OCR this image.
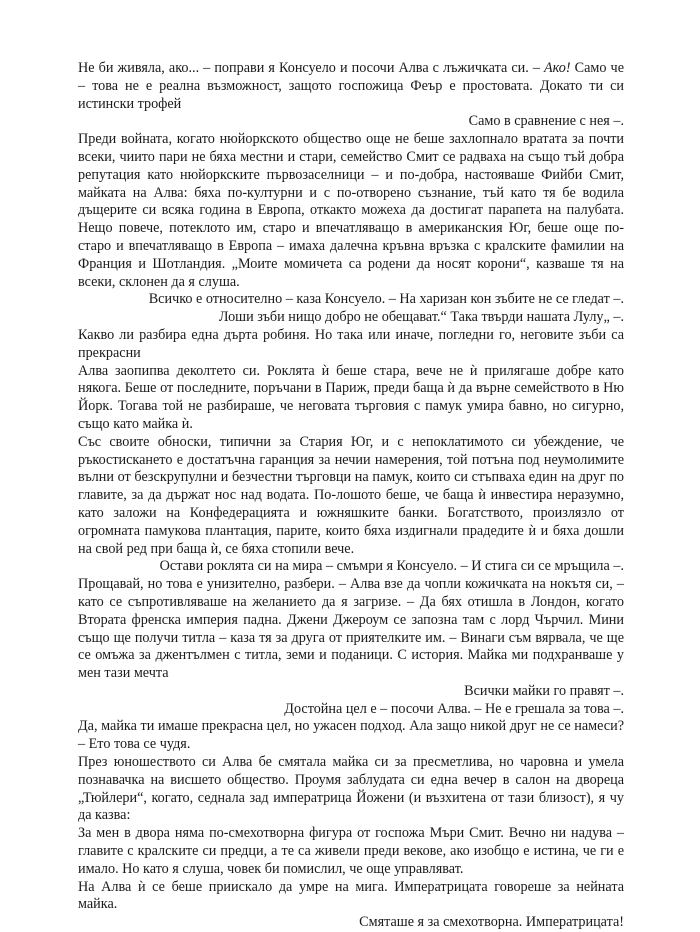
Не би живяла, ако... – поправи я Консуело и посочи Алва с лъжичката си. – Ако! Само че – това не е реална възможност, защото госпожица Феър е простовата. Докато ти си истински трофей

Само в сравнение с нея –.

Преди войната, когато нюйоркското общество още не беше захлопнало вратата за почти всеки, чиито пари не бяха местни и стари, семейство Смит се радваха на също тъй добра репутация като нюйоркските първозаселници – и по-добра, настояваше Фийби Смит, майката на Алва: бяха по-културни и с по-отворено съзнание, тъй като тя бе водила дъщерите си всяка година в Европа, откакто можеха да достигат парапета на палубата. Нещо повече, потеклото им, старо и впечатляващо в американския Юг, беше още по-старо и впечатляващо в Европа – имаха далечна кръвна връзка с кралските фамилии на Франция и Шотландия. „Моите момичета са родени да носят корони“, казваше тя на всеки, склонен да я слуша.

Всичко е относително – каза Консуело. – На харизан кон зъбите не се гледат –.

Лоши зъби нищо добро не обещават.“ Така твърди нашата Лулу„ –.

Какво ли разбира една дърта робиня. Но така или иначе, погледни го, неговите зъби са прекрасни

Алва заопипва деколтето си. Роклята ѝ беше стара, вече не ѝ прилягаше добре като някога. Беше от последните, поръчани в Париж, преди баща ѝ да върне семейството в Ню Йорк. Тогава той не разбираше, че неговата търговия с памук умира бавно, но сигурно, също като майка ѝ.

Със своите обноски, типични за Стария Юг, и с непоклатимото си убеждение, че ръкостискането е достатъчна гаранция за нечии намерения, той потъна под неумолимите вълни от безскрупулни и безчестни търговци на памук, които си стъпваха един на друг по главите, за да държат нос над водата. По-лошото беше, че баща ѝ инвестира неразумно, като заложи на Конфедерацията и южняшките банки. Богатството, произлязло от огромната памукова плантация, парите, които бяха издигнали прадедите ѝ и бяха дошли на свой ред при баща ѝ, се бяха стопили вече.

Остави роклята си на мира – смъмри я Консуело. – И стига си се мръщила –.

Прощавай, но това е унизително, разбери. – Алва взе да чопли кожичката на нокътя си, – като се съпротивляваше на желанието да я загризе. – Да бях отишла в Лондон, когато Втората френска империя падна. Джени Джероум се запозна там с лорд Чърчил. Мини също ще получи титла – каза тя за друга от приятелките им. – Винаги съм вярвала, че ще се омъжа за джентълмен с титла, земи и поданици. С история. Майка ми подхранваше у мен тази мечта

Всички майки го правят –.

Достойна цел е – посочи Алва. – Не е грешала за това –.

Да, майка ти имаше прекрасна цел, но ужасен подход. Ала защо никой друг не се намеси? – Ето това се чудя.

През юношеството си Алва бе смятала майка си за пресметлива, но чаровна и умела познавачка на висшето общество. Проумя заблудата си една вечер в салон на двореца „Тюйлери“, когато, седнала зад императрица Йожени (и възхитена от тази близост), я чу да казва:

За мен в двора няма по-смехотворна фигура от госпожа Мъри Смит. Вечно ни надува – главите с кралските си предци, а те са живели преди векове, ако изобщо е истина, че ги е имало. Но като я слуша, човек би помислил, че още управляват.

На Алва ѝ се беше приискало да умре на мига. Императрицата говореше за нейната майка.

Смяташе я за смехотворна. Императрицата!
